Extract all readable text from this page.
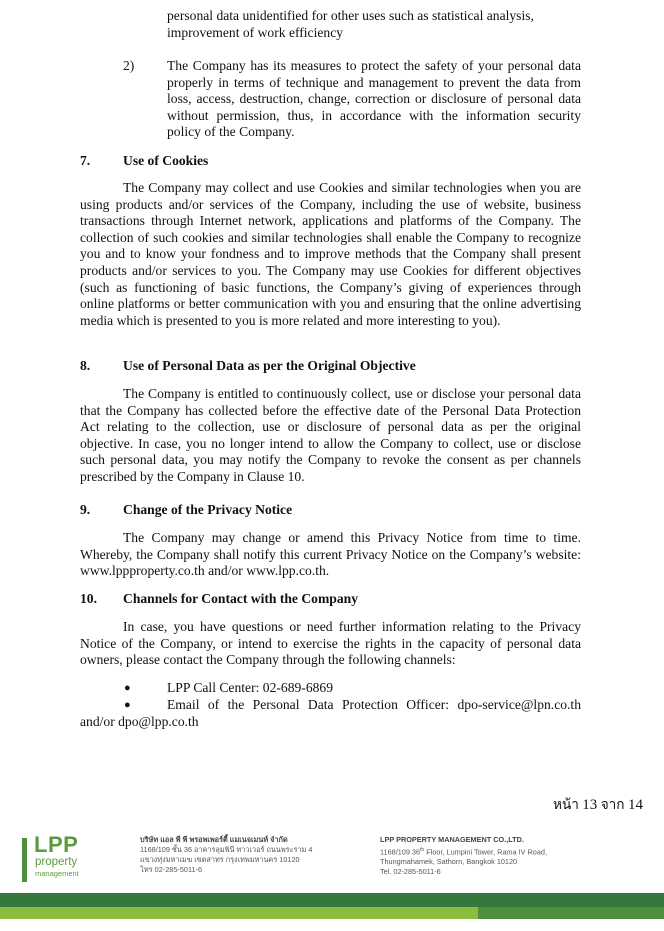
personal data unidentified for other uses such as statistical analysis,

improvement of work efficiency

2) The Company has its measures to protect the safety of your personal data properly in terms of technique and management to prevent the data from loss, access, destruction, change, correction or disclosure of personal data without permission, thus, in accordance with the information security policy of the Company.

7. Use of Cookies

The Company may collect and use Cookies and similar technologies when you are using products and/or services of the Company, including the use of website, business transactions through Internet network, applications and platforms of the Company. The collection of such cookies and similar technologies shall enable the Company to recognize you and to know your fondness and to improve methods that the Company shall present products and/or services to you. The Company may use Cookies for different objectives (such as functioning of basic functions, the Company’s giving of experiences through online platforms or better communication with you and ensuring that the online advertising media which is presented to you is more related and more interesting to you).

8. Use of Personal Data as per the Original Objective

The Company is entitled to continuously collect, use or disclose your personal data that the Company has collected before the effective date of the Personal Data Protection Act relating to the collection, use or disclosure of personal data as per the original objective. In case, you no longer intend to allow the Company to collect, use or disclose such personal data, you may notify the Company to revoke the consent as per channels prescribed by the Company in Clause 10.

9. Change of the Privacy Notice

The Company may change or amend this Privacy Notice from time to time. Whereby, the Company shall notify this current Privacy Notice on the Company’s website: www.lppproperty.co.th and/or www.lpp.co.th.

10. Channels for Contact with the Company

In case, you have questions or need further information relating to the Privacy Notice of the Company, or intend to exercise the rights in the capacity of personal data owners, please contact the Company through the following channels:

●	LPP Call Center: 02-689-6869
●	Email of the Personal Data Protection Officer: dpo-service@lpn.co.th
and/or dpo@lpp.co.th
หน้า 13 จาก 14
LPP
property
management
บริษัท แอล พี พี พรอพเพอร์ตี้ แมเนจเมนท์ จำกัด
1168/109 ชั้น 36 อาคารลุมพินี ทาวเวอร์ ถนนพระราม 4
แขวงทุ่งมหาเมฆ เขตสาทร กรุงเทพมหานคร 10120
โทร 02-285-5011-6
LPP PROPERTY MANAGEMENT CO.,LTD.
1168/109 36th Floor, Lumpini Tower, Rama IV Road,
Thungmahamek, Sathorn, Bangkok 10120
Tel. 02-285-5011-6
